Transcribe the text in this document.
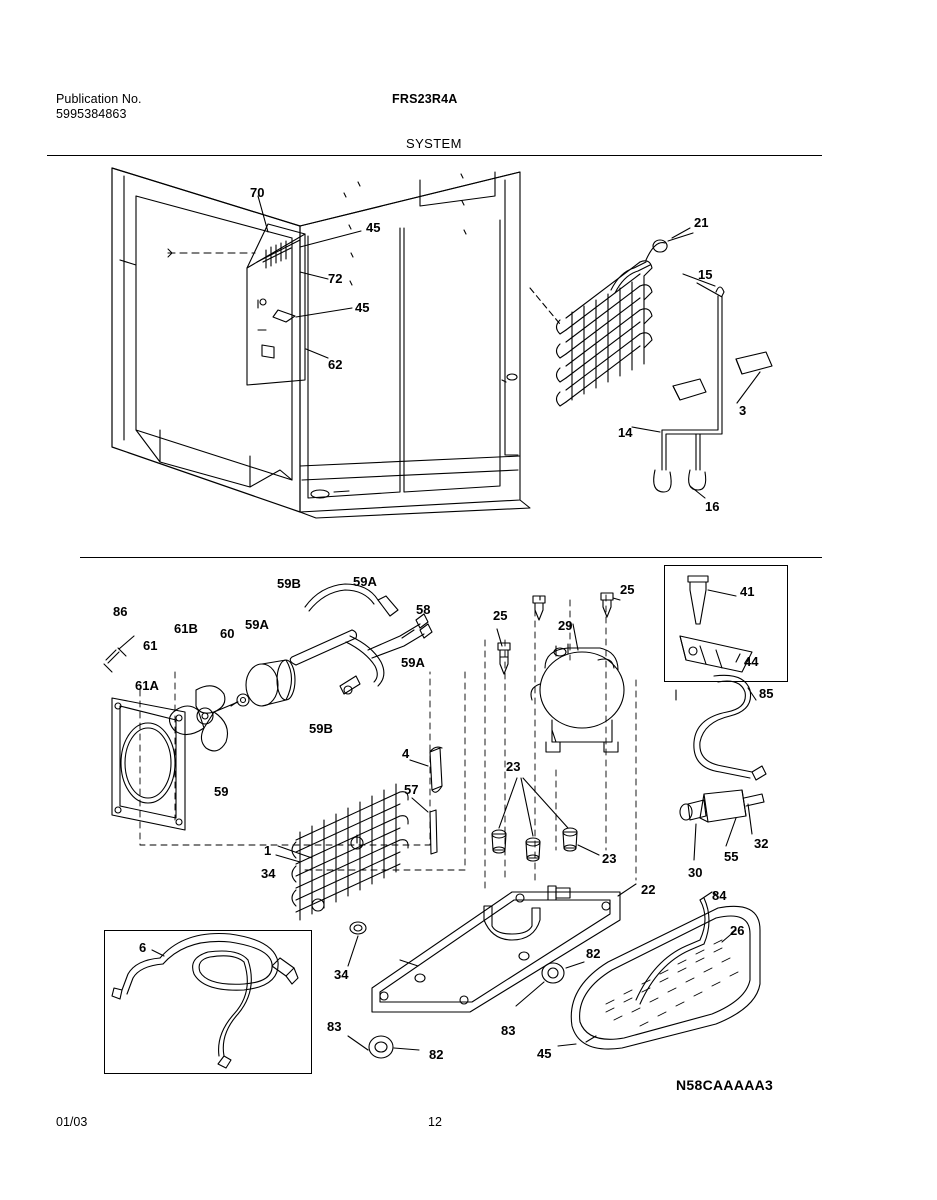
Publication No.
5995384863
FRS23R4A
SYSTEM
70
45
72
45
62
21
15
3
14
16
59B	59A
58	25
25
29
41
44
86
61B 60
59A
61
59A
61A
59B
85
59
4
57
23
23
30
55
32
1
34
34
22	84
26
82
6
83
82
83
45
N58CAAAAA3
01/03	12
